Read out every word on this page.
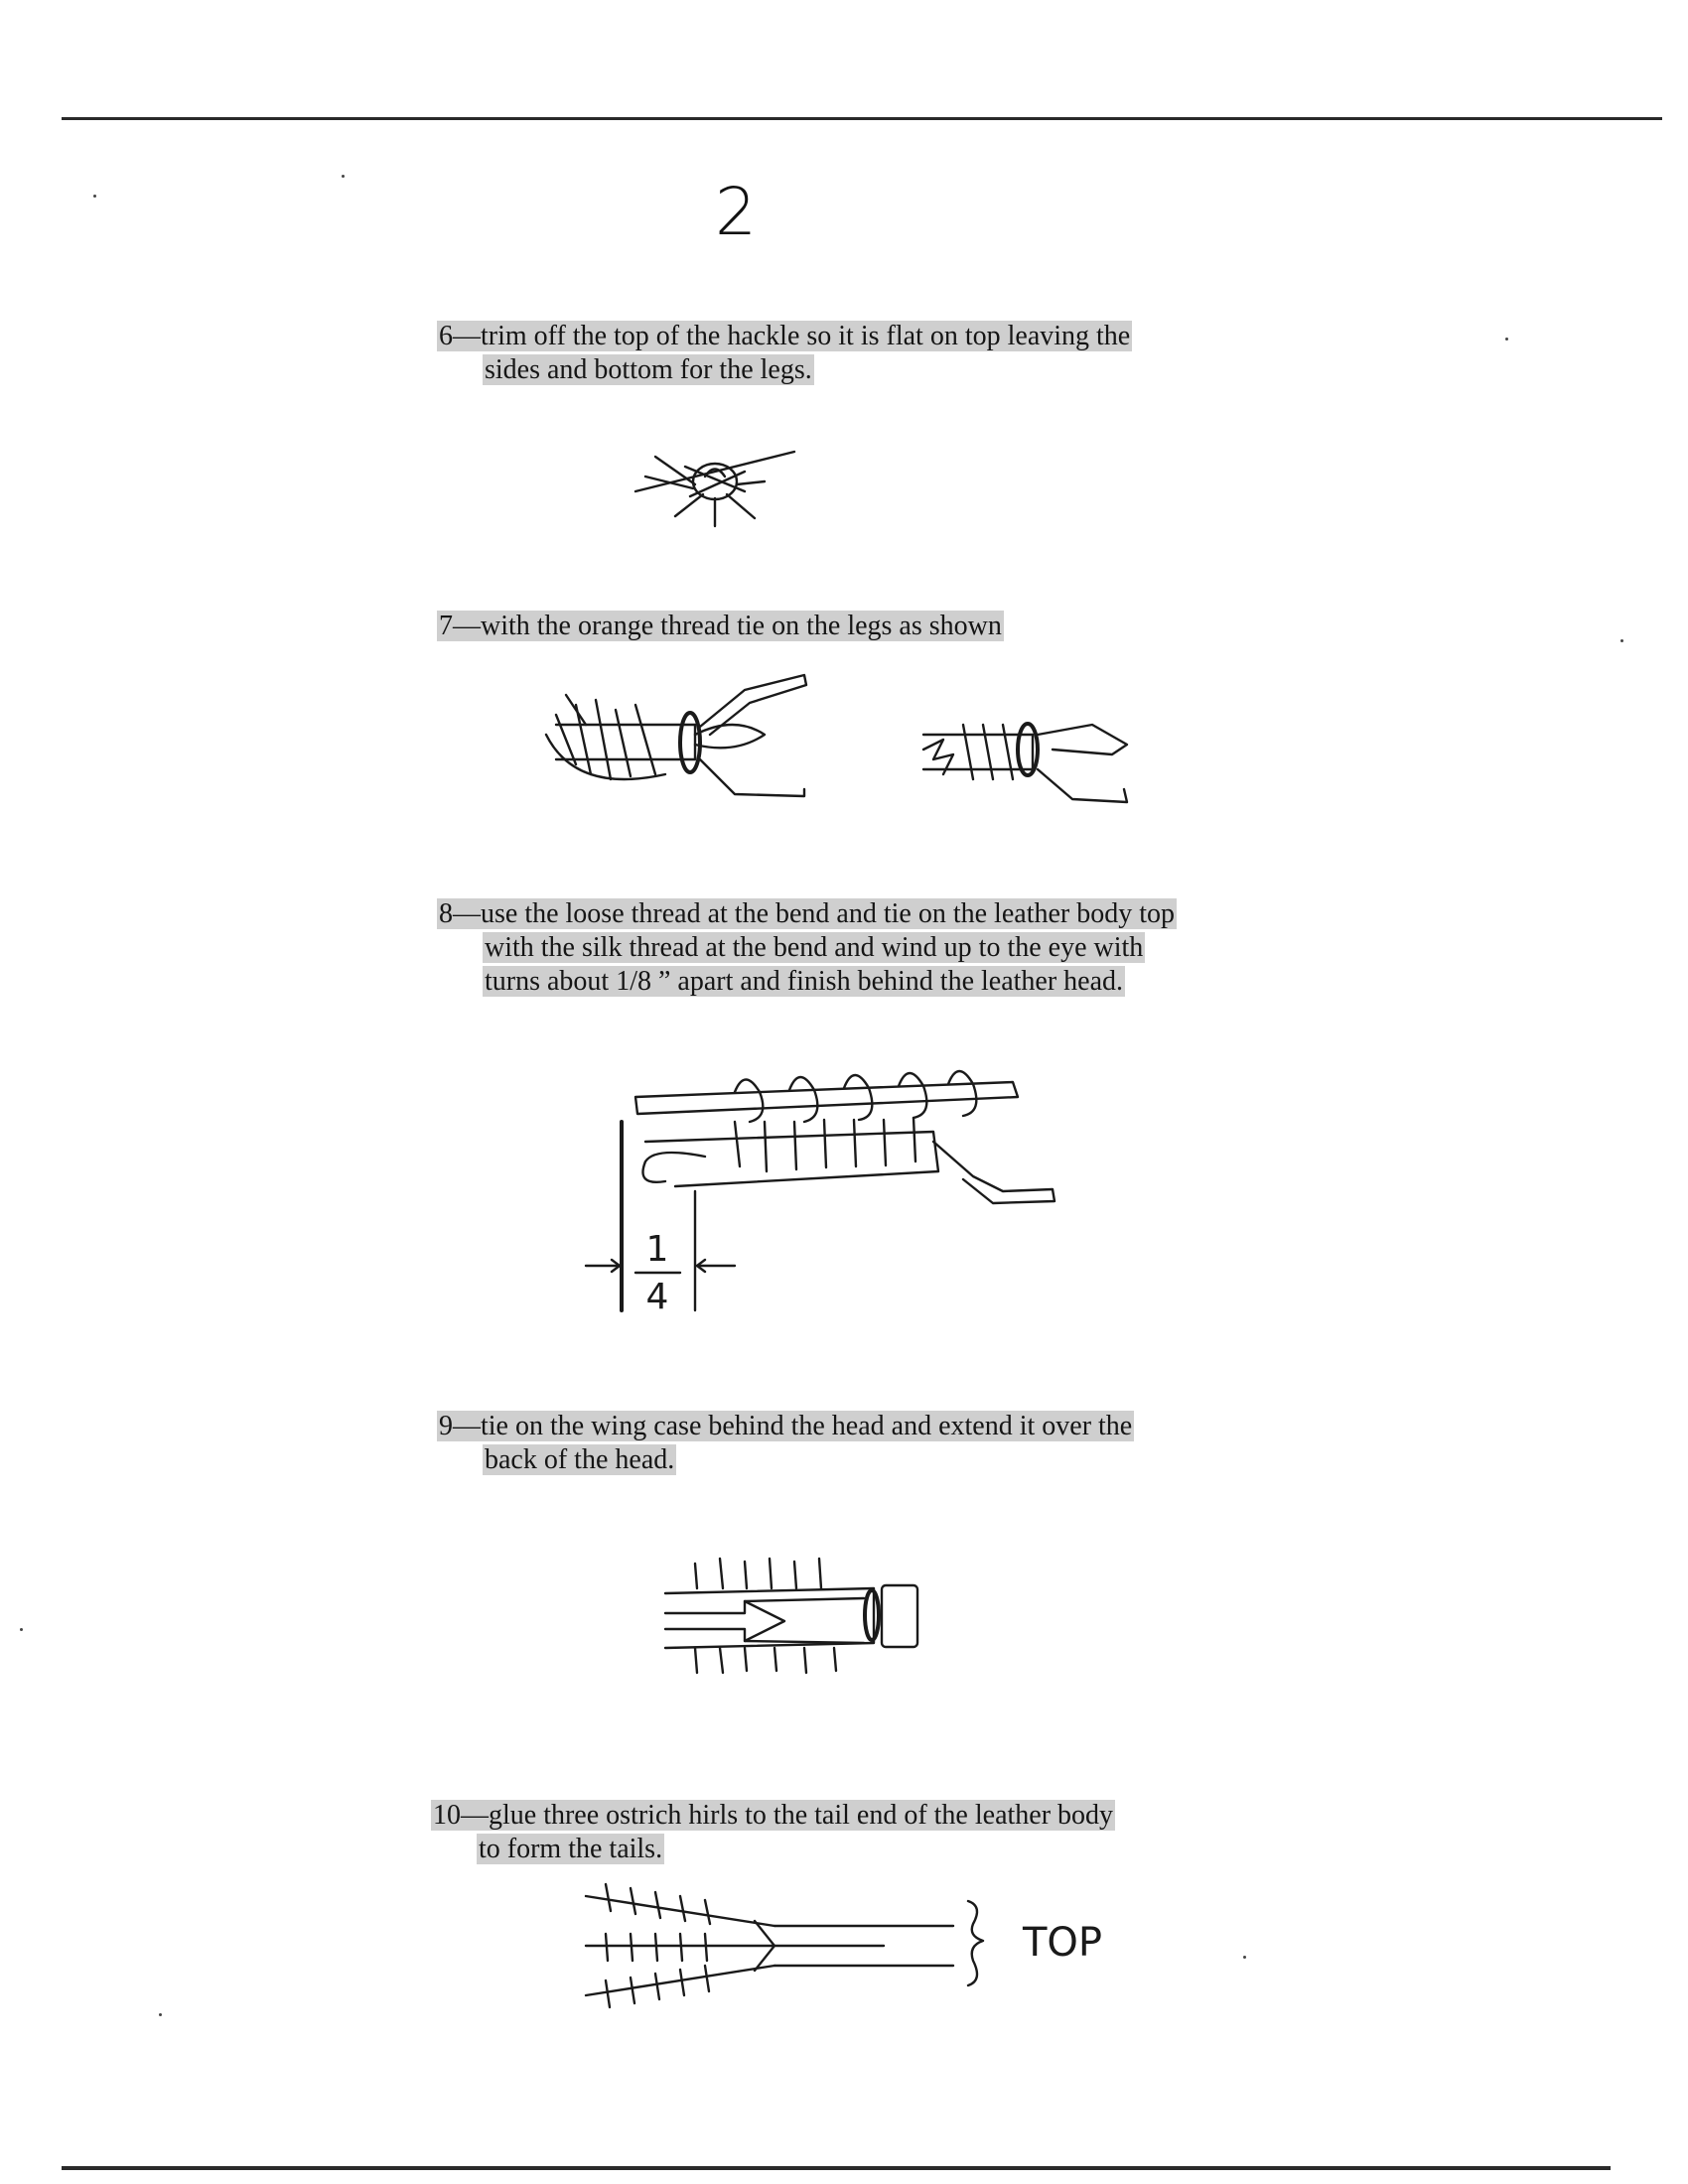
2
6—trim off the top of the hackle so it is flat on top leaving the
sides and bottom for the legs.
7—with the orange thread tie on the legs as shown
8—use the loose thread at the bend and tie on the leather body top
with the silk thread at the bend and wind up to the eye with
turns about 1/8 ” apart and finish behind the leather head.
1
4
9—tie on the wing case behind the head and extend it over the
back of the head.
10—glue three ostrich hirls to the tail end of the leather body
to form the tails.
TOP
